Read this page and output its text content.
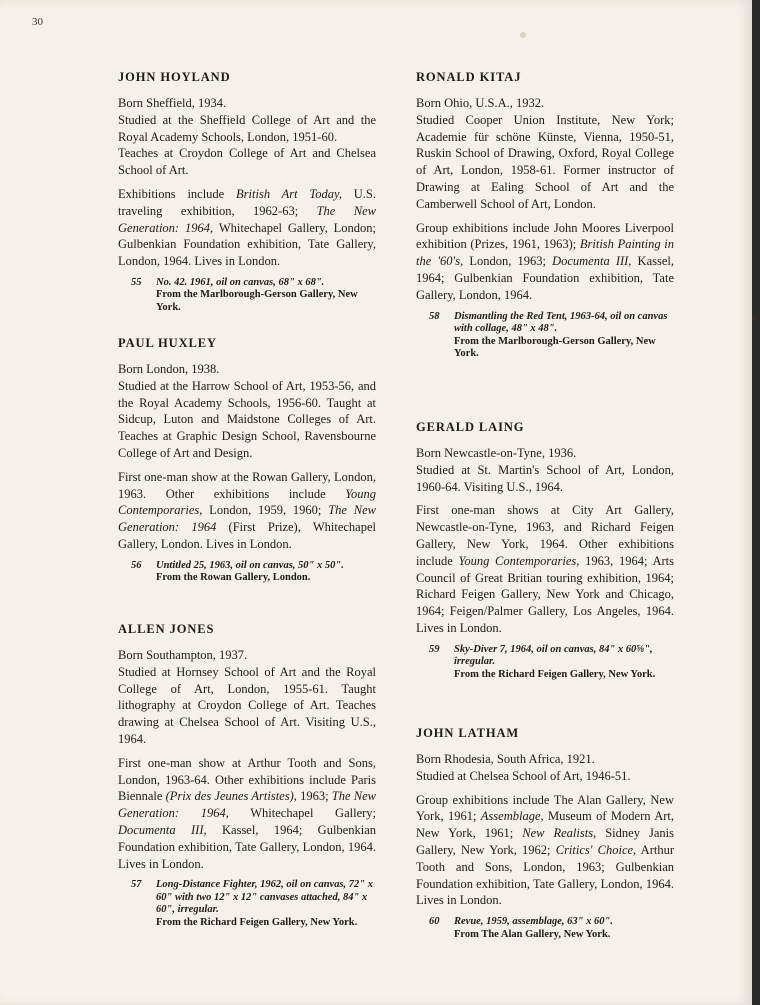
30
JOHN HOYLAND

Born Sheffield, 1934.
Studied at the Sheffield College of Art and the Royal Academy Schools, London, 1951-60.
Teaches at Croydon College of Art and Chelsea School of Art.

Exhibitions include British Art Today, U.S. traveling exhibition, 1962-63; The New Generation: 1964, Whitechapel Gallery, London; Gulbenkian Foundation exhibition, Tate Gallery, London, 1964. Lives in London.

55 No. 42. 1961, oil on canvas, 68" x 68".
From the Marlborough-Gerson Gallery, New York.
PAUL HUXLEY

Born London, 1938.
Studied at the Harrow School of Art, 1953-56, and the Royal Academy Schools, 1956-60. Taught at Sidcup, Luton and Maidstone Colleges of Art. Teaches at Graphic Design School, Ravensbourne College of Art and Design.

First one-man show at the Rowan Gallery, London, 1963. Other exhibitions include Young Contemporaries, London, 1959, 1960; The New Generation: 1964 (First Prize), Whitechapel Gallery, London. Lives in London.

56 Untitled 25, 1963, oil on canvas, 50" x 50".
From the Rowan Gallery, London.
ALLEN JONES

Born Southampton, 1937.
Studied at Hornsey School of Art and the Royal College of Art, London, 1955-61. Taught lithography at Croydon College of Art. Teaches drawing at Chelsea School of Art. Visiting U.S., 1964.

First one-man show at Arthur Tooth and Sons, London, 1963-64. Other exhibitions include Paris Biennale (Prix des Jeunes Artistes), 1963; The New Generation: 1964, Whitechapel Gallery; Documenta III, Kassel, 1964; Gulbenkian Foundation exhibition, Tate Gallery, London, 1964. Lives in London.

57 Long-Distance Fighter, 1962, oil on canvas, 72" x 60" with two 12" x 12" canvases attached, 84" x 60", irregular.
From the Richard Feigen Gallery, New York.
RONALD KITAJ

Born Ohio, U.S.A., 1932.
Studied Cooper Union Institute, New York; Academie für schöne Künste, Vienna, 1950-51, Ruskin School of Drawing, Oxford, Royal College of Art, London, 1958-61. Former instructor of Drawing at Ealing School of Art and the Camberwell School of Art, London.

Group exhibitions include John Moores Liverpool exhibition (Prizes, 1961, 1963); British Painting in the '60's, London, 1963; Documenta III, Kassel, 1964; Gulbenkian Foundation exhibition, Tate Gallery, London, 1964.

58 Dismantling the Red Tent, 1963-64, oil on canvas with collage, 48" x 48".
From the Marlborough-Gerson Gallery, New York.
GERALD LAING

Born Newcastle-on-Tyne, 1936.
Studied at St. Martin's School of Art, London, 1960-64. Visiting U.S., 1964.

First one-man shows at City Art Gallery, Newcastle-on-Tyne, 1963, and Richard Feigen Gallery, New York, 1964. Other exhibitions include Young Contemporaries, 1963, 1964; Arts Council of Great Britian touring exhibition, 1964; Richard Feigen Gallery, New York and Chicago, 1964; Feigen/Palmer Gallery, Los Angeles, 1964. Lives in London.

59 Sky-Diver 7, 1964, oil on canvas, 84" x 60⅝", irregular.
From the Richard Feigen Gallery, New York.
JOHN LATHAM

Born Rhodesia, South Africa, 1921.
Studied at Chelsea School of Art, 1946-51.

Group exhibitions include The Alan Gallery, New York, 1961; Assemblage, Museum of Modern Art, New York, 1961; New Realists, Sidney Janis Gallery, New York, 1962; Critics' Choice, Arthur Tooth and Sons, London, 1963; Gulbenkian Foundation exhibition, Tate Gallery, London, 1964. Lives in London.

60 Revue, 1959, assemblage, 63" x 60".
From The Alan Gallery, New York.
